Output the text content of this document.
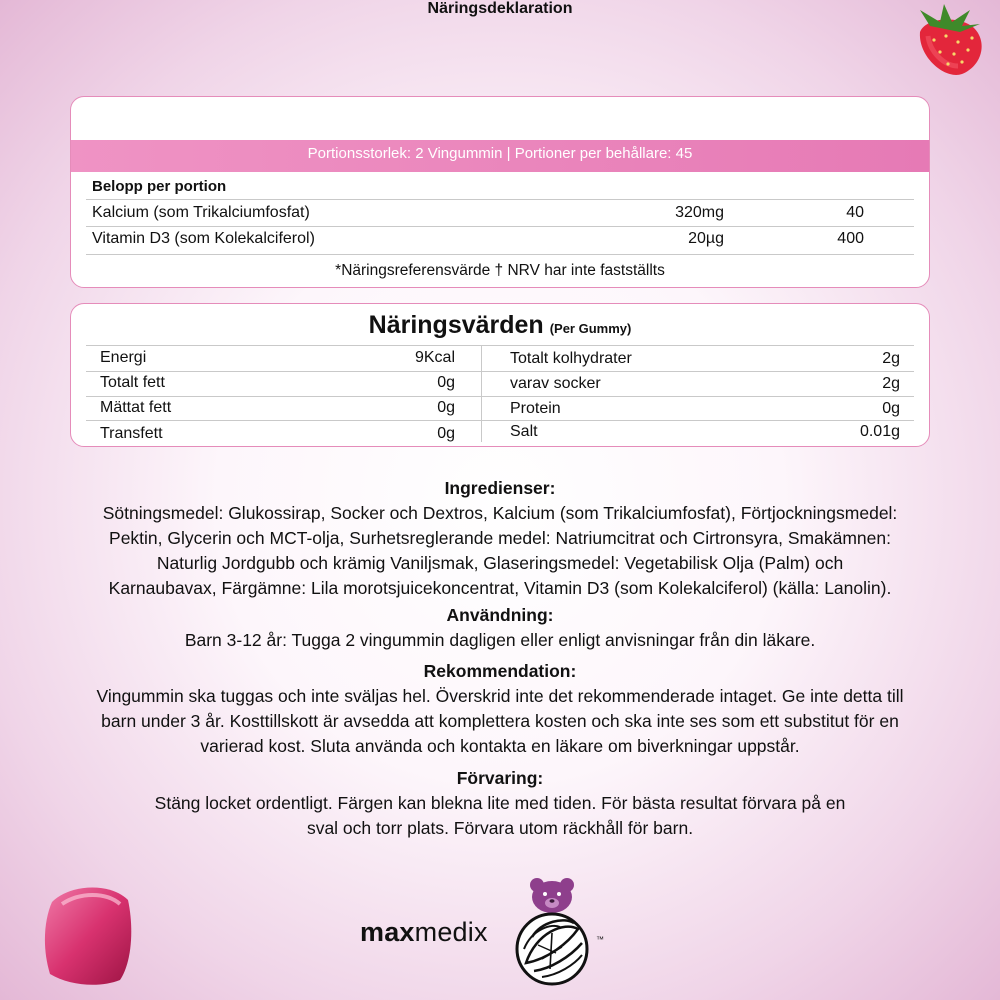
Näringsdeklaration
Portionsstorlek: 2 Vingummin | Portioner per behållare: 45
Belopp per portion
Kalcium (som Trikalciumfosfat)	320mg	40
Vitamin D3 (som Kolekalciferol)	20µg	400
*Näringsreferensvärde † NRV har inte fastställts
Näringsvärden (Per Gummy)
Energi	9Kcal	Totalt kolhydrater	2g
Totalt fett	0g	varav socker	2g
Mättat fett	0g	Protein	0g
Transfett	0g	Salt	0.01g
Ingredienser:

Sötningsmedel: Glukossirap, Socker och Dextros, Kalcium (som Trikalciumfosfat), Förtjockningsmedel:

Pektin, Glycerin och MCT-olja, Surhetsreglerande medel: Natriumcitrat och Cirtronsyra, Smakämnen:

Naturlig Jordgubb och krämig Vaniljsmak, Glaseringsmedel: Vegetabilisk Olja (Palm) och

Karnaubavax, Färgämne: Lila morotsjuicekoncentrat, Vitamin D3 (som Kolekalciferol) (källa: Lanolin).

Användning:

Barn 3-12 år: Tugga 2 vingummin dagligen eller enligt anvisningar från din läkare.

Rekommendation:

Vingummin ska tuggas och inte sväljas hel. Överskrid inte det rekommenderade intaget. Ge inte detta till

barn under 3 år. Kosttillskott är avsedda att komplettera kosten och ska inte ses som ett substitut för en

varierad kost. Sluta använda och kontakta en läkare om biverkningar uppstår.

Förvaring:

Stäng locket ordentligt. Färgen kan blekna lite med tiden. För bästa resultat förvara på en

sval och torr plats. Förvara utom räckhåll för barn.

maxmedix	™
